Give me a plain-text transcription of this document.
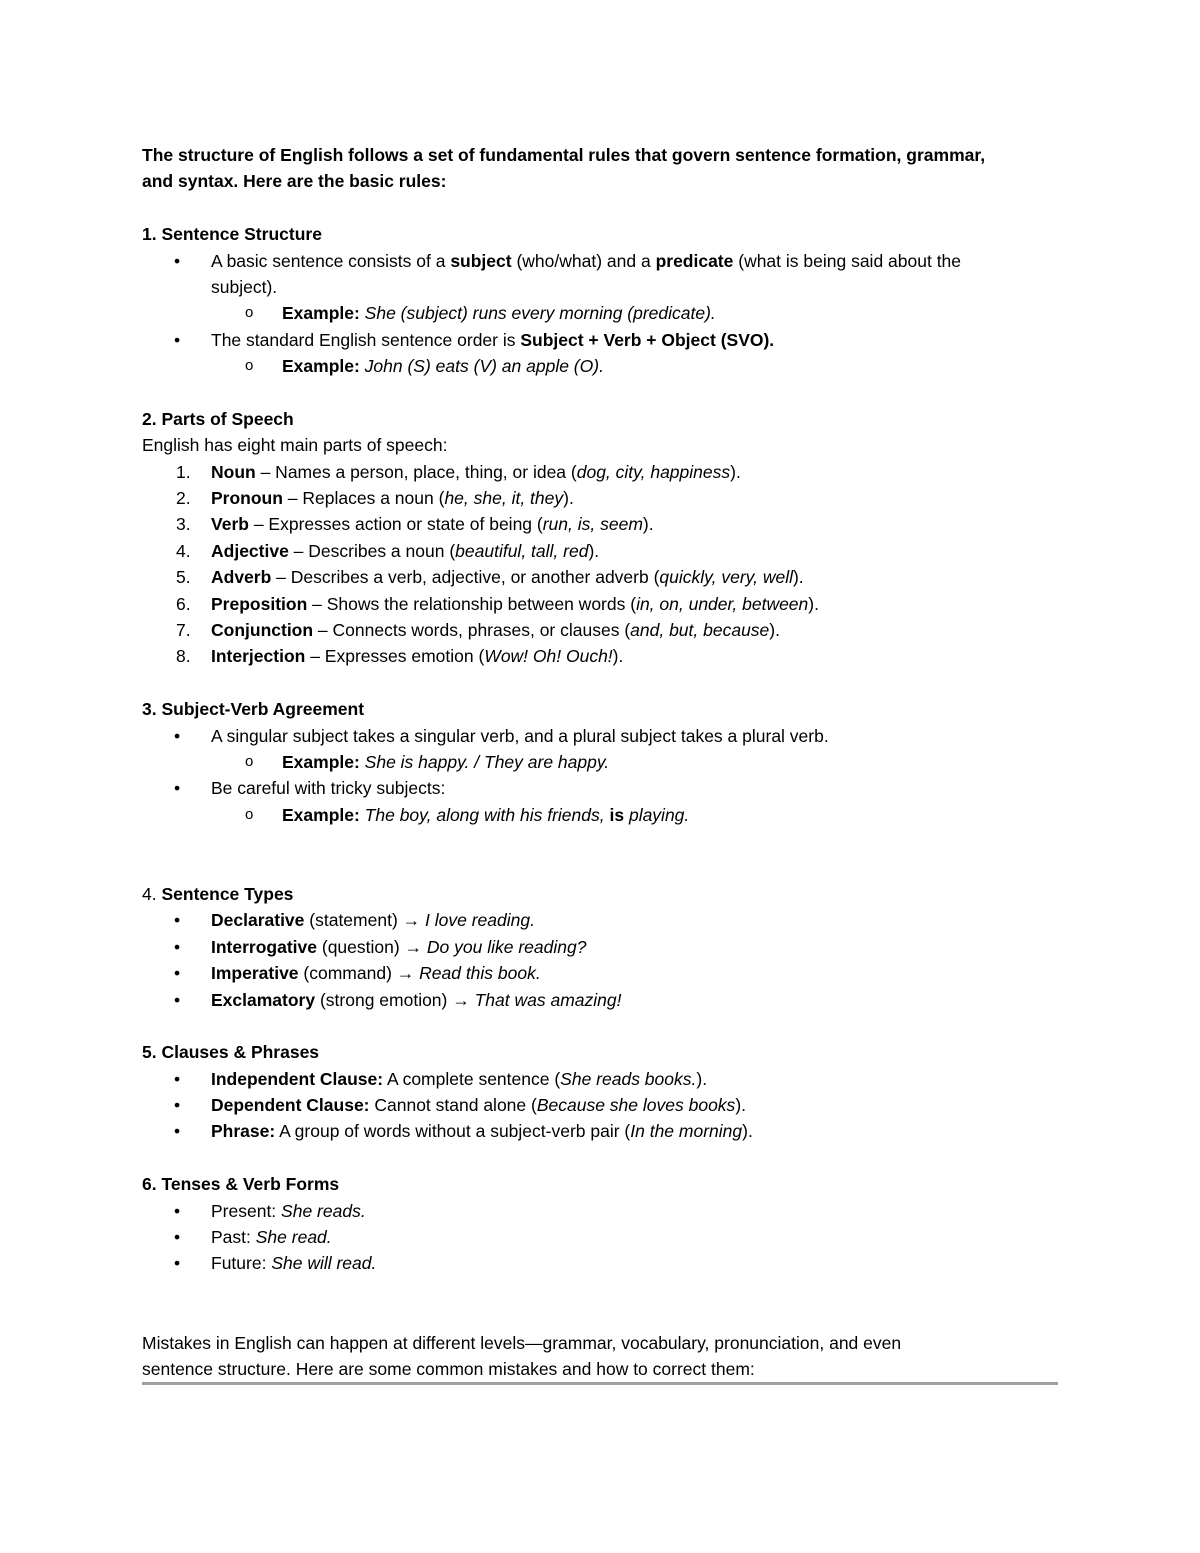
The structure of English follows a set of fundamental rules that govern sentence formation, grammar,
and syntax. Here are the basic rules:
1. Sentence Structure
• A basic sentence consists of a subject (who/what) and a predicate (what is being said about the
subject).
o Example: She (subject) runs every morning (predicate).
• The standard English sentence order is Subject + Verb + Object (SVO).
o Example: John (S) eats (V) an apple (O).
2. Parts of Speech
English has eight main parts of speech:
1. Noun – Names a person, place, thing, or idea (dog, city, happiness).
2. Pronoun – Replaces a noun (he, she, it, they).
3. Verb – Expresses action or state of being (run, is, seem).
4. Adjective – Describes a noun (beautiful, tall, red).
5. Adverb – Describes a verb, adjective, or another adverb (quickly, very, well).
6. Preposition – Shows the relationship between words (in, on, under, between).
7. Conjunction – Connects words, phrases, or clauses (and, but, because).
8. Interjection – Expresses emotion (Wow! Oh! Ouch!).
3. Subject-Verb Agreement
• A singular subject takes a singular verb, and a plural subject takes a plural verb.
o Example: She is happy. / They are happy.
• Be careful with tricky subjects:
o Example: The boy, along with his friends, is playing.
4. Sentence Types
• Declarative (statement) → I love reading.
• Interrogative (question) → Do you like reading?
• Imperative (command) → Read this book.
• Exclamatory (strong emotion) → That was amazing!
5. Clauses & Phrases
• Independent Clause: A complete sentence (She reads books.).
• Dependent Clause: Cannot stand alone (Because she loves books).
• Phrase: A group of words without a subject-verb pair (In the morning).
6. Tenses & Verb Forms
• Present: She reads.
• Past: She read.
• Future: She will read.
Mistakes in English can happen at different levels—grammar, vocabulary, pronunciation, and even
sentence structure. Here are some common mistakes and how to correct them:
